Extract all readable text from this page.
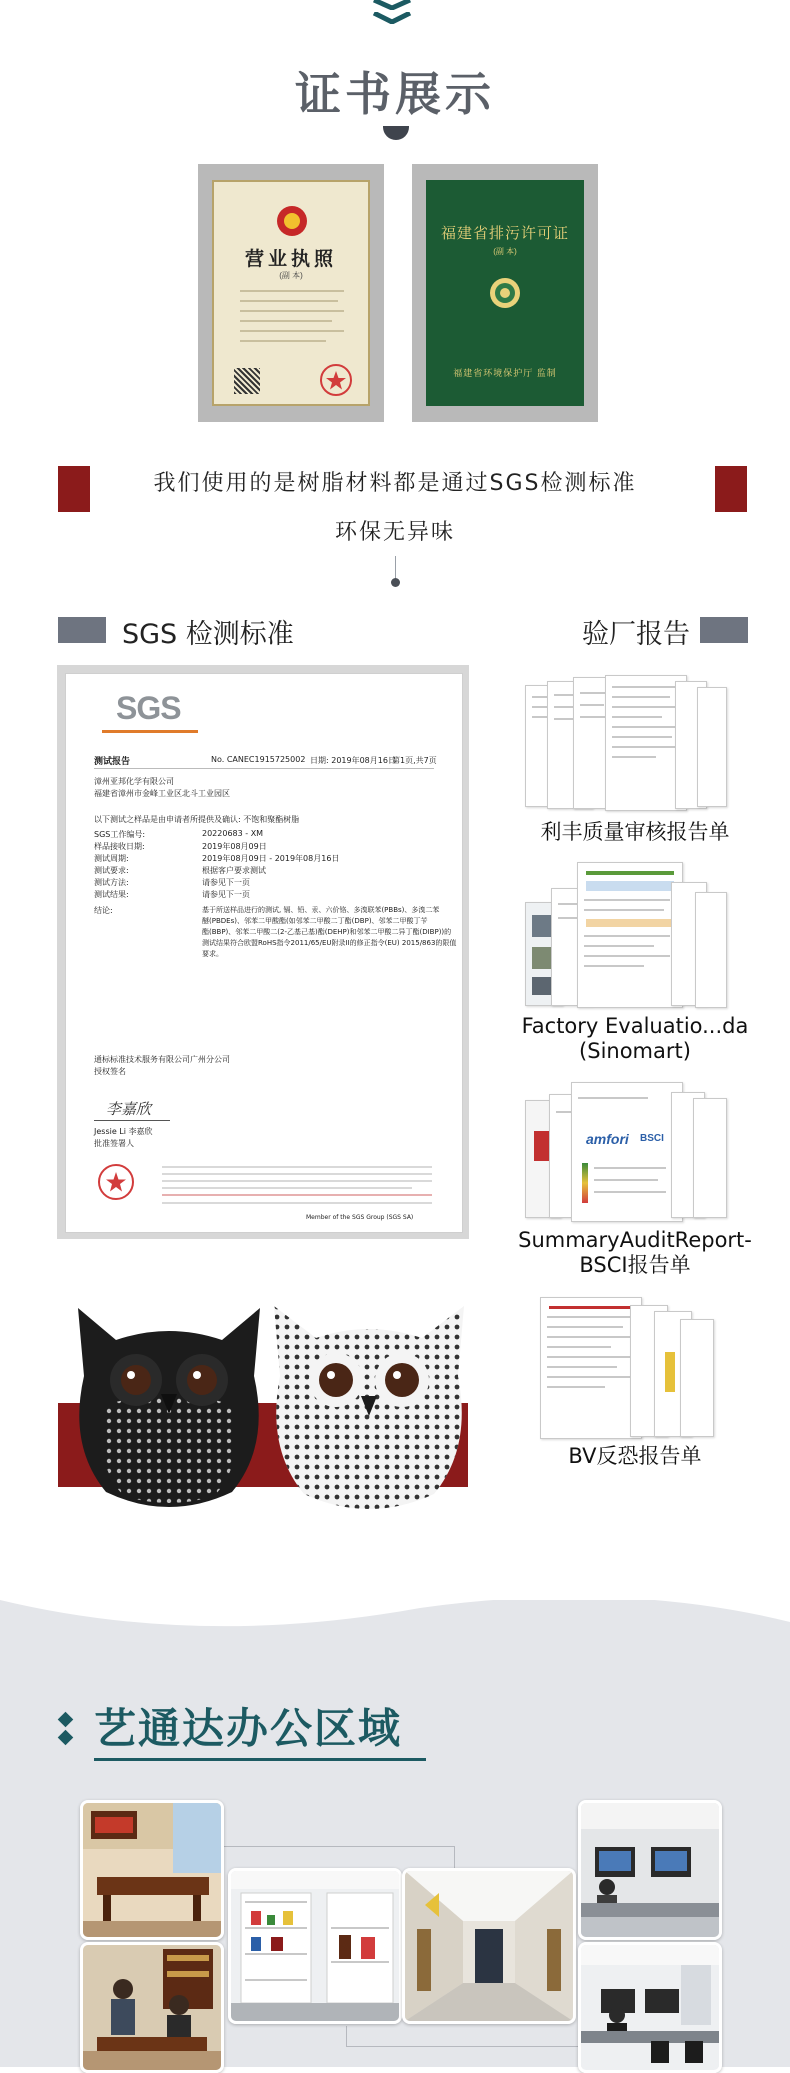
证书展示
营业执照
(副 本)
福建省排污许可证
(副 本)
福建省环境保护厅 监制
我们使用的是树脂材料都是通过SGS检测标准
环保无异味
SGS 检测标准	验厂报告
SGS
测试报告	No. CANEC1915725002 日期: 2019年08月16日
第1页,共7页
漳州亚邦化学有限公司
福建省漳州市金峰工业区北斗工业园区
以下测试之样品是由申请者所提供及确认: 不饱和聚酯树脂
SGS工作编号:	20220683 - XM
样品接收日期:	2019年08月09日
测试周期:	2019年08月09日 - 2019年08月16日
测试要求:	根据客户要求测试
测试方法:	请参见下一页
测试结果:	请参见下一页
结论:	基于所送样品进行的测试, 镉、铅、汞、六价铬、多溴联苯(PBBs)、多溴二苯
醚(PBDEs)、邻苯二甲酸酯(如邻苯二甲酸二丁酯(DBP)、邻苯二甲酸丁苄
酯(BBP)、邻苯二甲酸二(2-乙基己基)酯(DEHP)和邻苯二甲酸二异丁酯(DIBP))的
测试结果符合欧盟RoHS指令2011/65/EU附录II的修正指令(EU) 2015/863的限值
要求。
通标标准技术服务有限公司广州分公司
授权签名
李嘉欣
Jessie Li 李嘉欣
批准签署人
Member of the SGS Group (SGS SA)
利丰质量审核报告单
Factory Evaluatio...da
(Sinomart)
amfori BSCI
SummaryAuditReport-
BSCI报告单
BV反恐报告单
艺通达办公区域
